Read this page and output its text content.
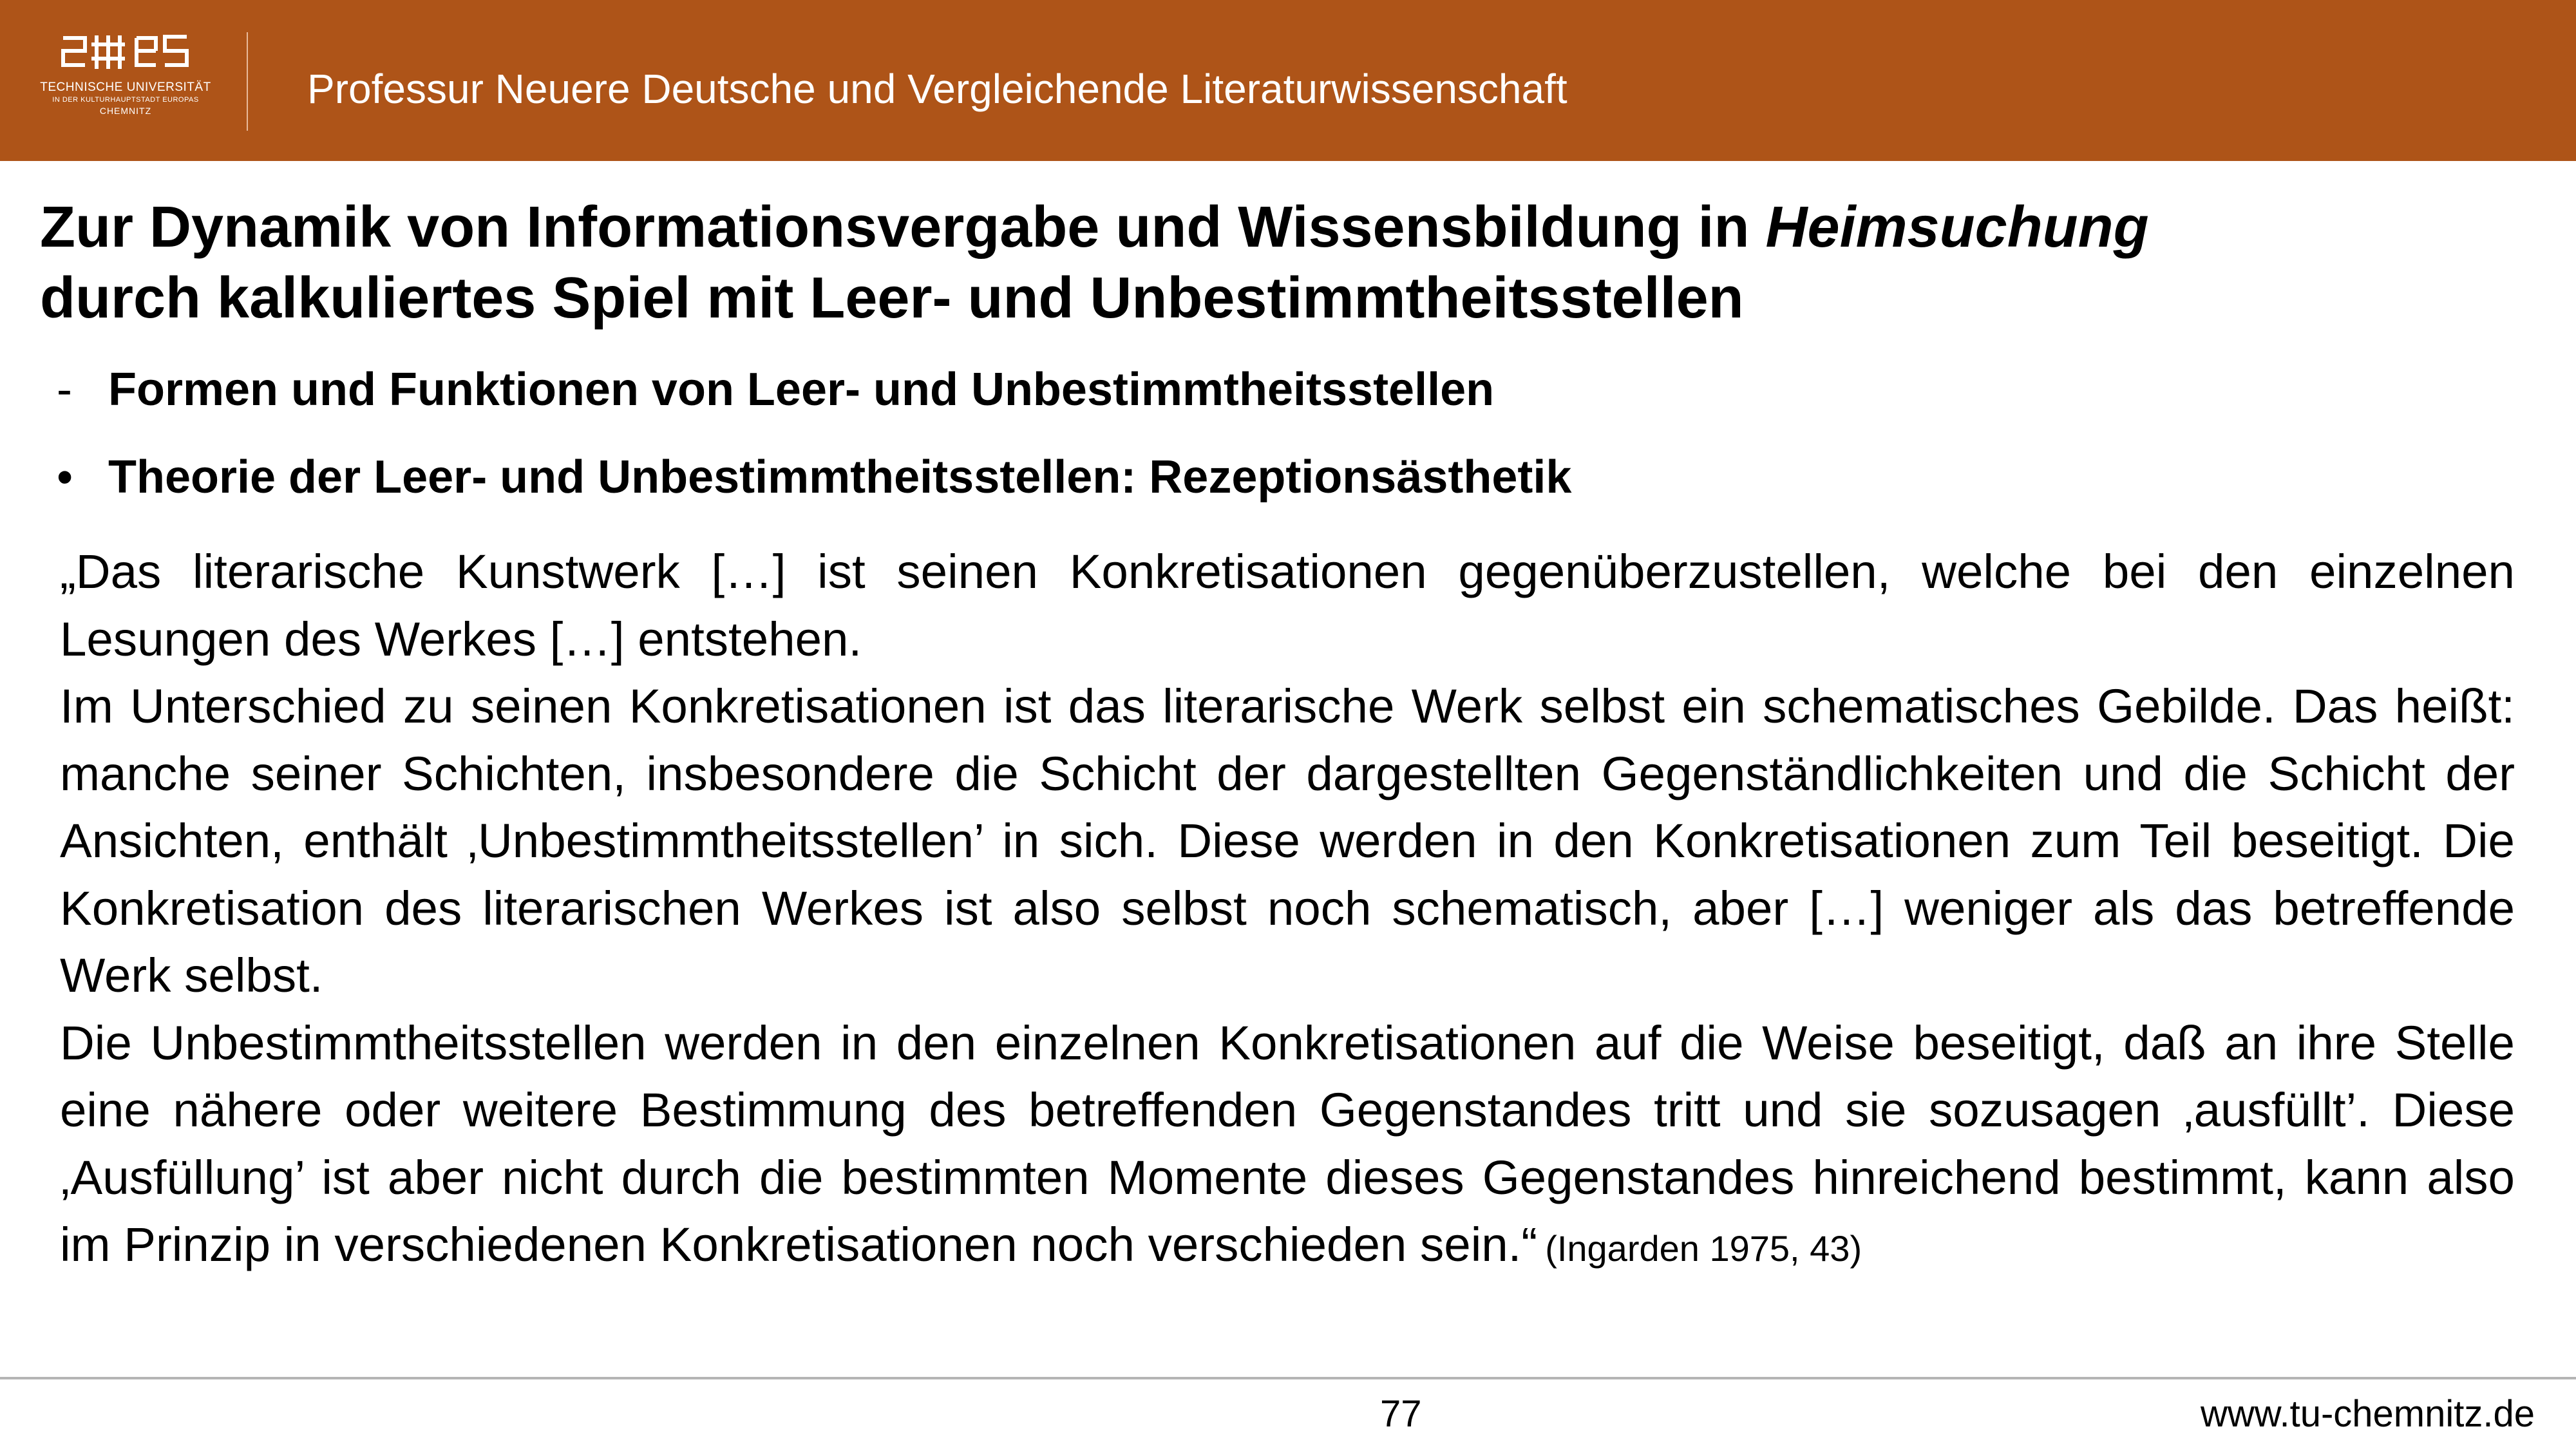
TECHNISCHE UNIVERSITÄT
IN DER KULTURHAUPTSTADT EUROPAS
CHEMNITZ	Professur Neuere Deutsche und Vergleichende Literaturwissenschaft
Zur Dynamik von Informationsvergabe und Wissensbildung in Heimsuchung
durch kalkuliertes Spiel mit Leer- und Unbestimmtheitsstellen
- Formen und Funktionen von Leer- und Unbestimmtheitsstellen
• Theorie der Leer- und Unbestimmtheitsstellen: Rezeptionsästhetik

„Das literarische Kunstwerk […] ist seinen Konkretisationen gegenüberzustellen, welche bei den einzelnen Lesungen des Werkes […] entstehen.

Im Unterschied zu seinen Konkretisationen ist das literarische Werk selbst ein schematisches Gebilde. Das heißt: manche seiner Schichten, insbesondere die Schicht der dargestellten Gegenständlichkeiten und die Schicht der Ansichten, enthält ‚Unbestimmtheitsstellen’ in sich. Diese werden in den Konkretisationen zum Teil beseitigt. Die Konkretisation des literarischen Werkes ist also selbst noch schematisch, aber […] weniger als das betreffende Werk selbst.

Die Unbestimmtheitsstellen werden in den einzelnen Konkretisationen auf die Weise beseitigt, daß an ihre Stelle eine nähere oder weitere Bestimmung des betreffenden Gegenstandes tritt und sie sozusagen ‚ausfüllt’. Diese ‚Ausfüllung’ ist aber nicht durch die bestimmten Momente dieses Gegenstandes hinreichend bestimmt, kann also im Prinzip in verschiedenen Konkretisationen noch verschieden sein.“ (Ingarden 1975, 43)

77	www.tu-chemnitz.de
